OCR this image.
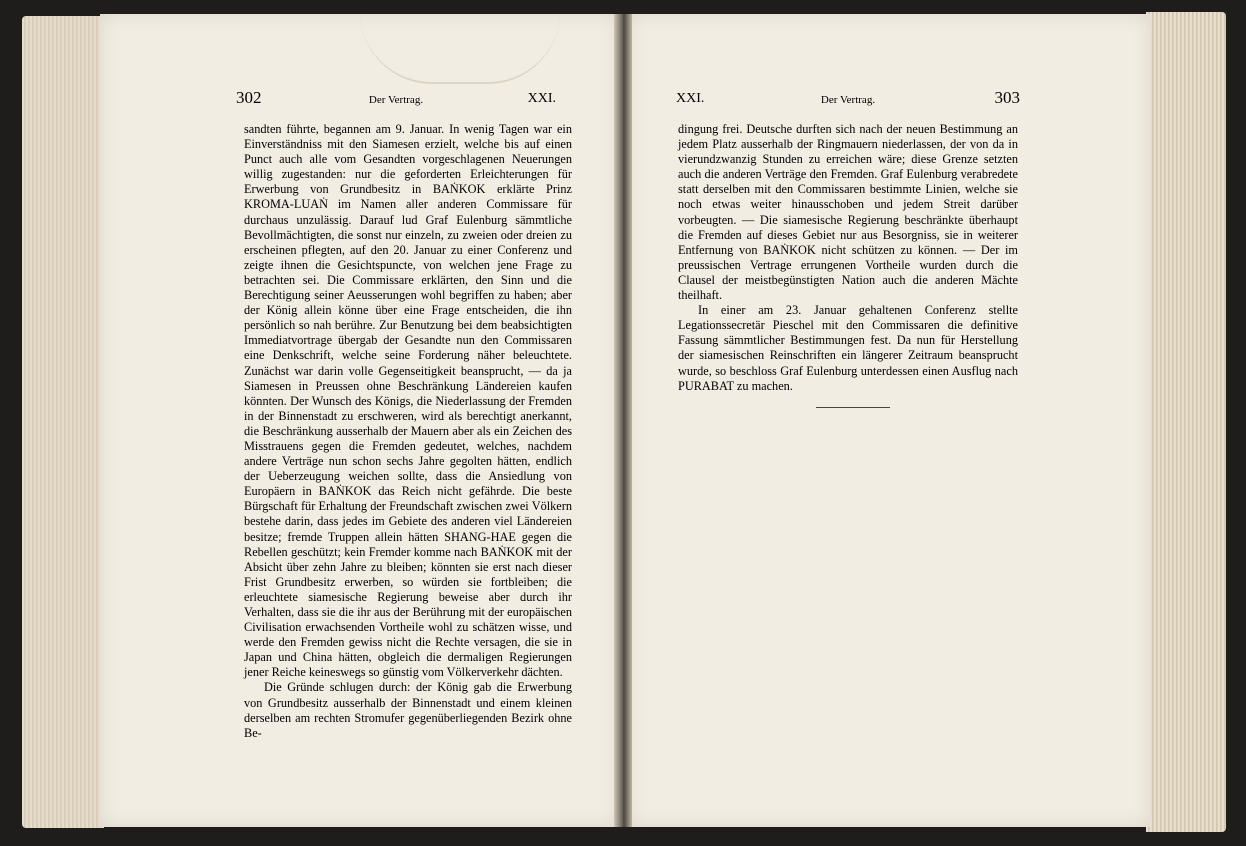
302	Der Vertrag.	XXI.

sandten führte, begannen am 9. Januar. In wenig Tagen war ein Einverständniss mit den Siamesen erzielt, welche bis auf einen Punct auch alle vom Gesandten vorgeschlagenen Neuerungen willig zugestanden: nur die geforderten Erleichterungen für Erwerbung von Grundbesitz in BAṄKOK erklärte Prinz KROMA-LUAṄ im Namen aller anderen Commissare für durchaus unzulässig. Darauf lud Graf Eulenburg sämmtliche Bevollmächtigten, die sonst nur einzeln, zu zweien oder dreien zu erscheinen pflegten, auf den 20. Januar zu einer Conferenz und zeigte ihnen die Gesichtspuncte, von welchen jene Frage zu betrachten sei. Die Commissare erklärten, den Sinn und die Berechtigung seiner Aeusserungen wohl begriffen zu haben; aber der König allein könne über eine Frage entscheiden, die ihn persönlich so nah berühre. Zur Benutzung bei dem beabsichtigten Immediatvortrage übergab der Gesandte nun den Commissaren eine Denkschrift, welche seine Forderung näher beleuchtete. Zunächst war darin volle Gegenseitigkeit beansprucht, — da ja Siamesen in Preussen ohne Beschränkung Ländereien kaufen könnten. Der Wunsch des Königs, die Niederlassung der Fremden in der Binnenstadt zu erschweren, wird als berechtigt anerkannt, die Beschränkung ausserhalb der Mauern aber als ein Zeichen des Misstrauens gegen die Fremden gedeutet, welches, nachdem andere Verträge nun schon sechs Jahre gegolten hätten, endlich der Ueberzeugung weichen sollte, dass die Ansiedlung von Europäern in BAṄKOK das Reich nicht gefährde. Die beste Bürgschaft für Erhaltung der Freundschaft zwischen zwei Völkern bestehe darin, dass jedes im Gebiete des anderen viel Ländereien besitze; fremde Truppen allein hätten SHANG-HAE gegen die Rebellen geschützt; kein Fremder komme nach BAṄKOK mit der Absicht über zehn Jahre zu bleiben; könnten sie erst nach dieser Frist Grundbesitz erwerben, so würden sie fortbleiben; die erleuchtete siamesische Regierung beweise aber durch ihr Verhalten, dass sie die ihr aus der Berührung mit der europäischen Civilisation erwachsenden Vortheile wohl zu schätzen wisse, und werde den Fremden gewiss nicht die Rechte versagen, die sie in Japan und China hätten, obgleich die dermaligen Regierungen jener Reiche keineswegs so günstig vom Völkerverkehr dächten.

Die Gründe schlugen durch: der König gab die Erwerbung von Grundbesitz ausserhalb der Binnenstadt und einem kleinen derselben am rechten Stromufer gegenüberliegenden Bezirk ohne Be-

XXI.	Der Vertrag.	303

dingung frei. Deutsche durften sich nach der neuen Bestimmung an jedem Platz ausserhalb der Ringmauern niederlassen, der von da in vierundzwanzig Stunden zu erreichen wäre; diese Grenze setzten auch die anderen Verträge den Fremden. Graf Eulenburg verabredete statt derselben mit den Commissaren bestimmte Linien, welche sie noch etwas weiter hinausschoben und jedem Streit darüber vorbeugten. — Die siamesische Regierung beschränkte überhaupt die Fremden auf dieses Gebiet nur aus Besorgniss, sie in weiterer Entfernung von BAṄKOK nicht schützen zu können. — Der im preussischen Vertrage errungenen Vortheile wurden durch die Clausel der meistbegünstigten Nation auch die anderen Mächte theilhaft.

In einer am 23. Januar gehaltenen Conferenz stellte Legationssecretär Pieschel mit den Commissaren die definitive Fassung sämmtlicher Bestimmungen fest. Da nun für Herstellung der siamesischen Reinschriften ein längerer Zeitraum beansprucht wurde, so beschloss Graf Eulenburg unterdessen einen Ausflug nach PURABAT zu machen.
